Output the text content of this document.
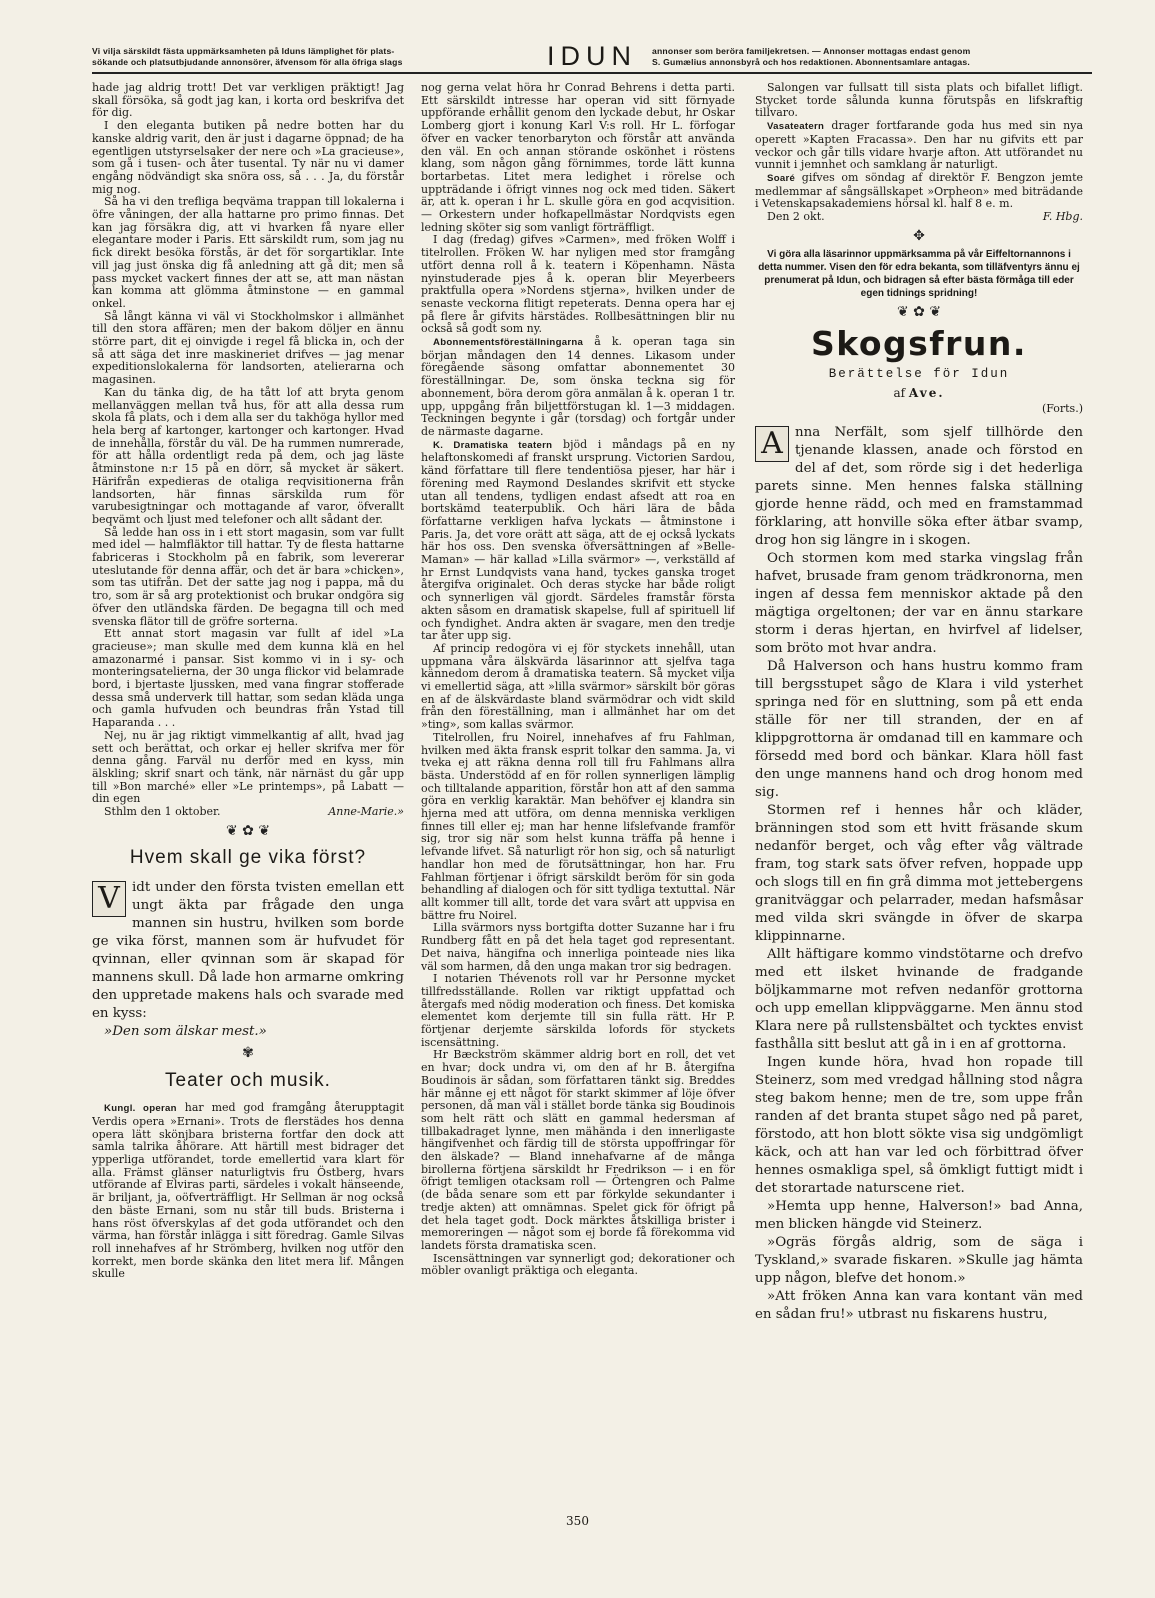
Vi vilja särskildt fästa uppmärksamheten på Iduns lämplighet för plats-
sökande och platsutbjudande annonsörer, äfvensom för alla öfriga slags	IDUN	annonser som beröra familjekretsen. — Annonser mottagas endast genom
S. Gumælius annonsbyrå och hos redaktionen. Abonnentsamlare antagas.

hade jag aldrig trott! Det var verkligen präktigt! Jag skall försöka, så godt jag kan, i korta ord beskrifva det för dig.

I den eleganta butiken på nedre botten har du kanske aldrig varit, den är just i dagarne öppnad; de ha egentligen utstyrselsaker der nere och »La gracieuse», som gå i tusen- och åter tusental. Ty när nu vi damer engång nödvändigt ska snöra oss, så . . . Ja, du förstår mig nog.

Så ha vi den trefliga beqväma trappan till lokalerna i öfre våningen, der alla hattarne pro primo finnas. Det kan jag försäkra dig, att vi hvarken få nyare eller elegantare moder i Paris. Ett särskildt rum, som jag nu fick direkt besöka förstås, är det för sorgartiklar. Inte vill jag just önska dig få anledning att gå dit; men så pass mycket vackert finnes der att se, att man nästan kan komma att glömma åtminstone — en gammal onkel.

Så långt känna vi väl vi Stockholmskor i allmänhet till den stora affären; men der bakom döljer en ännu större part, dit ej oinvigde i regel få blicka in, och der så att säga det inre maskineriet drifves — jag menar expeditionslokalerna för landsorten, atelierarna och magasinen.

Kan du tänka dig, de ha tått lof att bryta genom mellanväggen mellan två hus, för att alla dessa rum skola få plats, och i dem alla ser du takhöga hyllor med hela berg af kartonger, kartonger och kartonger. Hvad de innehålla, förstår du väl. De ha rummen numrerade, för att hålla ordentligt reda på dem, och jag läste åtminstone n:r 15 på en dörr, så mycket är säkert. Härifrån expedieras de otaliga reqvisitionerna från landsorten, här finnas särskilda rum för varubesigtningar och mottagande af varor, öfverallt beqvämt och ljust med telefoner och allt sådant der.

Så ledde han oss in i ett stort magasin, som var fullt med idel — halmfläktor till hattar. Ty de flesta hattarne fabriceras i Stockholm på en fabrik, som levererar uteslutande för denna affär, och det är bara »chicken», som tas utifrån. Det der satte jag nog i pappa, må du tro, som är så arg protektionist och brukar ondgöra sig öfver den utländska färden. De begagna till och med svenska flätor till de gröfre sorterna.

Ett annat stort magasin var fullt af idel »La gracieuse»; man skulle med dem kunna klä en hel amazonarmé i pansar. Sist kommo vi in i sy- och monteringsatelierna, der 30 unga flickor vid belamrade bord, i bjertaste ljussken, med vana fingrar stofferade dessa små underverk till hattar, som sedan kläda unga och gamla hufvuden och beundras från Ystad till Haparanda . . .

Nej, nu är jag riktigt vimmelkantig af allt, hvad jag sett och berättat, och orkar ej heller skrifva mer för denna gång. Farväl nu derför med en kyss, min älskling; skrif snart och tänk, när närnäst du går upp till »Bon marché» eller »Le printemps», på Labatt — din egen

Sthlm den 1 oktober.	Anne-Marie.»

❦ ✿ ❦
Hvem skall ge vika först?
V idt under den första tvisten emellan ett ungt äkta par frågade den unga mannen sin hustru, hvilken som borde ge vika först, mannen som är hufvudet för qvinnan, eller qvinnan som är skapad för mannens skull. Då lade hon armarne omkring den uppretade makens hals och svarade med en kyss:
»Den som älskar mest.»
✾
Teater och musik.

Kungl. operan har med god framgång återupptagit Verdis opera »Ernani». Trots de flerstädes hos denna opera lätt skönjbara bristerna fortfar den dock att samla talrika åhörare. Att härtill mest bidrager det ypperliga utförandet, torde emellertid vara klart för alla. Främst glänser naturligtvis fru Östberg, hvars utförande af Elviras parti, särdeles i vokalt hänseende, är briljant, ja, oöfverträffligt. Hr Sellman är nog också den bäste Ernani, som nu står till buds. Bristerna i hans röst öfverskylas af det goda utförandet och den värma, han förstår inlägga i sitt föredrag. Gamle Silvas roll innehafves af hr Strömberg, hvilken nog utför den korrekt, men borde skänka den litet mera lif. Mången skulle

nog gerna velat höra hr Conrad Behrens i detta parti. Ett särskildt intresse har operan vid sitt förnyade uppförande erhållit genom den lyckade debut, hr Oskar Lomberg gjort i konung Karl V:s roll. Hr L. förfogar öfver en vacker tenorbaryton och förstår att använda den väl. En och annan störande oskönhet i röstens klang, som någon gång förnimmes, torde lätt kunna bortarbetas. Litet mera ledighet i rörelse och uppträdande i öfrigt vinnes nog ock med tiden. Säkert är, att k. operan i hr L. skulle göra en god acqvisition. — Orkestern under hofkapellmästar Nordqvists egen ledning sköter sig som vanligt förträffligt.

I dag (fredag) gifves »Carmen», med fröken Wolff i titelrollen. Fröken W. har nyligen med stor framgång utfört denna roll å k. teatern i Köpenhamn. Nästa nyinstuderade pjes å k. operan blir Meyerbeers praktfulla opera »Nordens stjerna», hvilken under de senaste veckorna flitigt repeterats. Denna opera har ej på flere år gifvits härstädes. Rollbesättningen blir nu också så godt som ny.

Abonnementsföreställningarna å k. operan taga sin början måndagen den 14 dennes. Likasom under föregående säsong omfattar abonnementet 30 föreställningar. De, som önska teckna sig för abonnement, böra derom göra anmälan å k. operan 1 tr. upp, uppgång från biljettförstugan kl. 1—3 middagen. Teckningen begynte i går (torsdag) och fortgår under de närmaste dagarne.

K. Dramatiska teatern bjöd i måndags på en ny helaftonskomedi af franskt ursprung. Victorien Sardou, känd författare till flere tendentiösa pjeser, har här i förening med Raymond Deslandes skrifvit ett stycke utan all tendens, tydligen endast afsedt att roa en bortskämd teaterpublik. Och häri lära de båda författarne verkligen hafva lyckats — åtminstone i Paris. Ja, det vore orätt att säga, att de ej också lyckats här hos oss. Den svenska öfversättningen af »Belle-Maman» — här kallad »Lilla svärmor» —, verkställd af hr Ernst Lundqvists vana hand, tyckes ganska troget återgifva originalet. Och deras stycke har både roligt och synnerligen väl gjordt. Särdeles framstår första akten såsom en dramatisk skapelse, full af spirituell lif och fyndighet. Andra akten är svagare, men den tredje tar åter upp sig.

Af princip redogöra vi ej för styckets innehåll, utan uppmana våra älskvärda läsarinnor att sjelfva taga kännedom derom å dramatiska teatern. Så mycket vilja vi emellertid säga, att »lilla svärmor» särskilt bör göras en af de älskvärdaste bland svärmödrar och vidt skild från den föreställning, man i allmänhet har om det »ting», som kallas svärmor.

Titelrollen, fru Noirel, innehafves af fru Fahlman, hvilken med äkta fransk esprit tolkar den samma. Ja, vi tveka ej att räkna denna roll till fru Fahlmans allra bästa. Understödd af en för rollen synnerligen lämplig och tilltalande apparition, förstår hon att af den samma göra en verklig karaktär. Man behöfver ej klandra sin hjerna med att utföra, om denna menniska verkligen finnes till eller ej; man har henne lifslefvande framför sig, tror sig när som helst kunna träffa på henne i lefvande lifvet. Så naturligt rör hon sig, och så naturligt handlar hon med de förutsättningar, hon har. Fru Fahlman förtjenar i öfrigt särskildt beröm för sin goda behandling af dialogen och för sitt tydliga textuttal. När allt kommer till allt, torde det vara svårt att uppvisa en bättre fru Noirel.

Lilla svärmors nyss bortgifta dotter Suzanne har i fru Rundberg fått en på det hela taget god representant. Det naiva, hängifna och innerliga pointeade nies lika väl som harmen, då den unga makan tror sig bedragen.

I notarien Thévenots roll var hr Personne mycket tillfredsställande. Rollen var riktigt uppfattad och återgafs med nödig moderation och finess. Det komiska elementet kom derjemte till sin fulla rätt. Hr P. förtjenar derjemte särskilda lofords för styckets iscensättning.

Hr Bæckström skämmer aldrig bort en roll, det vet en hvar; dock undra vi, om den af hr B. återgifna Boudinois är sådan, som författaren tänkt sig. Breddes här månne ej ett något för starkt skimmer af löje öfver personen, då man väl i stället borde tänka sig Boudinois som helt rätt och slätt en gammal hedersman af tillbakadraget lynne, men mähända i den innerligaste hängifvenhet och färdig till de största uppoffringar för den älskade? — Bland innehafvarne af de många birollerna förtjena särskildt hr Fredrikson — i en för öfrigt temligen otacksam roll — Örtengren och Palme (de båda senare som ett par förkylde sekundanter i tredje akten) att omnämnas. Spelet gick för öfrigt på det hela taget godt. Dock märktes åtskilliga brister i memoreringen — något som ej borde få förekomma vid landets första dramatiska scen.

Iscensättningen var synnerligt god; dekorationer och möbler ovanligt präktiga och eleganta.

Salongen var fullsatt till sista plats och bifallet lifligt. Stycket torde sålunda kunna förutspås en lifskraftig tillvaro.

Vasateatern drager fortfarande goda hus med sin nya operett »Kapten Fracassa». Den har nu gifvits ett par veckor och går tills vidare hvarje afton. Att utförandet nu vunnit i jemnhet och samklang är naturligt.

Soaré gifves om söndag af direktör F. Bengzon jemte medlemmar af sångsällskapet »Orpheon» med biträdande i Vetenskapsakademiens hörsal kl. half 8 e. m.

Den 2 okt.	F. Hbg.

✥
Vi göra alla läsarinnor uppmärksamma på vår Eiffeltornannons i detta nummer. Visen den för edra bekanta, som tilläfventyrs ännu ej prenumerat på Idun, och bidragen så efter bästa förmåga till eder egen tidnings spridning!
❦ ✿ ❦
Skogsfrun.
Berättelse för Idun
af Ave.
(Forts.)
A nna Nerfält, som sjelf tillhörde den tjenande klassen, anade och förstod en del af det, som rörde sig i det hederliga parets sinne. Men hennes falska ställning gjorde henne rädd, och med en framstammad förklaring, att honville söka efter ätbar svamp, drog hon sig längre in i skogen.

Och stormen kom med starka vingslag från hafvet, brusade fram genom trädkronorna, men ingen af dessa fem menniskor aktade på den mägtiga orgeltonen; der var en ännu starkare storm i deras hjertan, en hvirfvel af lidelser, som bröto mot hvar andra.

Då Halverson och hans hustru kommo fram till bergsstupet sågo de Klara i vild ysterhet springa ned för en sluttning, som på ett enda ställe för ner till stranden, der en af klippgrottorna är omdanad till en kammare och försedd med bord och bänkar. Klara höll fast den unge mannens hand och drog honom med sig.

Stormen ref i hennes hår och kläder, bränningen stod som ett hvitt fräsande skum nedanför berget, och våg efter våg vältrade fram, tog stark sats öfver refven, hoppade upp och slogs till en fin grå dimma mot jettebergens granitväggar och pelarrader, medan hafsmåsar med vilda skri svängde in öfver de skarpa klippinnarne.

Allt häftigare kommo vindstötarne och drefvo med ett ilsket hvinande de fradgande böljkammarne mot refven nedanför grottorna och upp emellan klippväggarne. Men ännu stod Klara nere på rullstensbältet och tycktes envist fasthålla sitt beslut att gå in i en af grottorna.

Ingen kunde höra, hvad hon ropade till Steinerz, som med vredgad hållning stod några steg bakom henne; men de tre, som uppe från randen af det branta stupet sågo ned på paret, förstodo, att hon blott sökte visa sig undgömligt käck, och att han var led och förbittrad öfver hennes osmakliga spel, så ömkligt futtigt midt i det storartade naturscene riet.

»Hemta upp henne, Halverson!» bad Anna, men blicken hängde vid Steinerz.

»Ogräs förgås aldrig, som de säga i Tyskland,» svarade fiskaren. »Skulle jag hämta upp någon, blefve det honom.»

»Att fröken Anna kan vara kontant vän med en sådan fru!» utbrast nu fiskarens hustru,

350
